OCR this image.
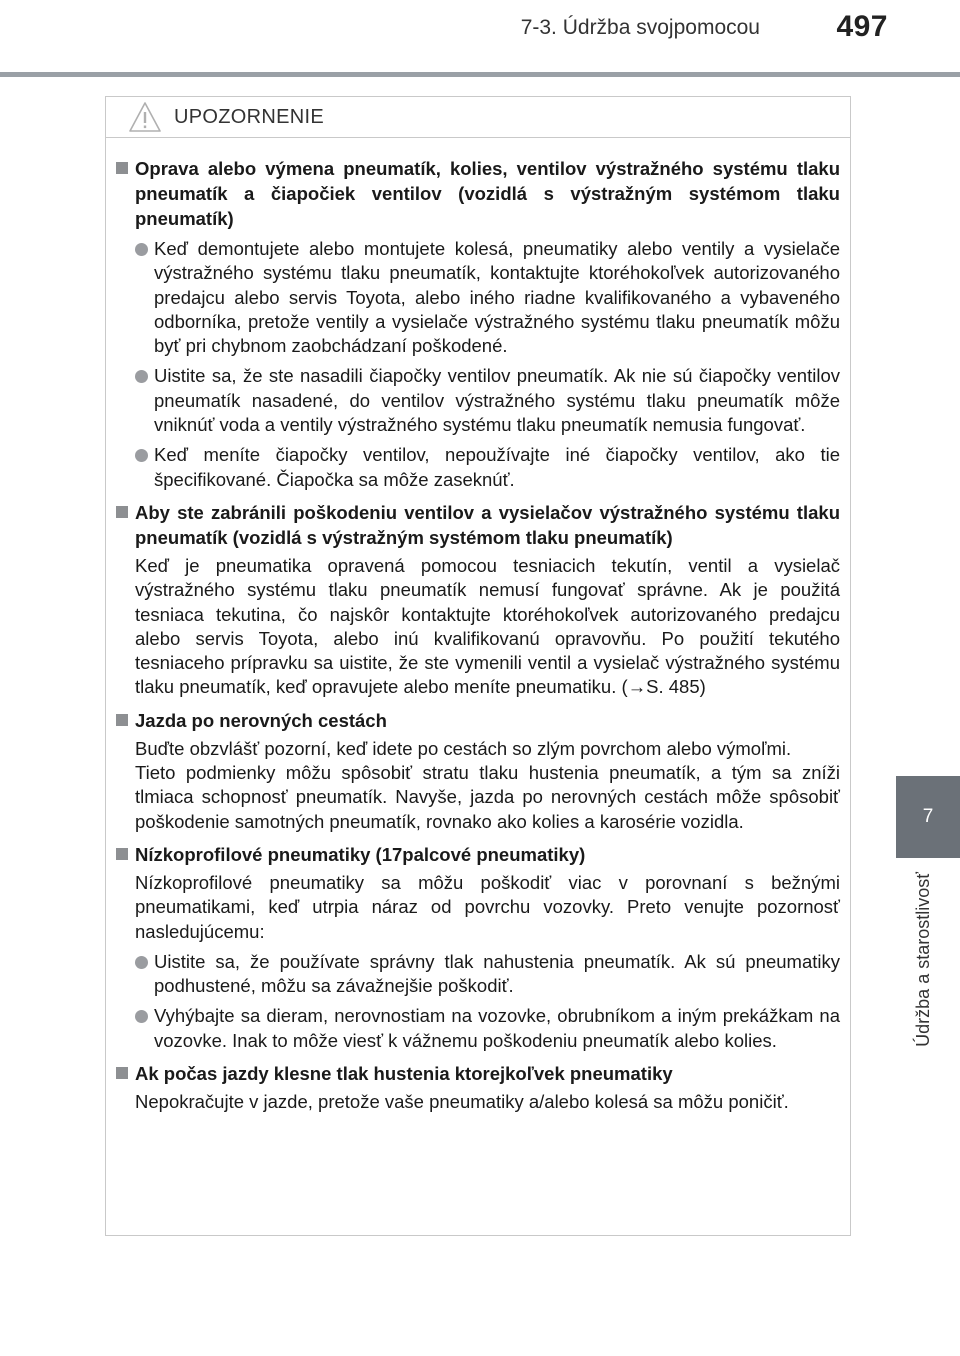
7-3. Údržba svojpomocou	497
7
Údržba a starostlivosť
UPOZORNENIE
Oprava alebo výmena pneumatík, kolies, ventilov výstražného systému tlaku pneumatík a čiapočiek ventilov (vozidlá s výstražným systémom tlaku pneumatík)
Keď demontujete alebo montujete kolesá, pneumatiky alebo ventily a vysielače výstražného systému tlaku pneumatík, kontaktujte ktoréhokoľvek autorizovaného predajcu alebo servis Toyota, alebo iného riadne kvalifikovaného a vybaveného odborníka, pretože ventily a vysielače výstražného systému tlaku pneumatík môžu byť pri chybnom zaobchádzaní poškodené.
Uistite sa, že ste nasadili čiapočky ventilov pneumatík. Ak nie sú čiapočky ventilov pneumatík nasadené, do ventilov výstražného systému tlaku pneumatík môže vniknúť voda a ventily výstražného systému tlaku pneumatík nemusia fungovať.
Keď meníte čiapočky ventilov, nepoužívajte iné čiapočky ventilov, ako tie špecifikované. Čiapočka sa môže zaseknúť.
Aby ste zabránili poškodeniu ventilov a vysielačov výstražného systému tlaku pneumatík (vozidlá s výstražným systémom tlaku pneumatík)
Keď je pneumatika opravená pomocou tesniacich tekutín, ventil a vysielač výstražného systému tlaku pneumatík nemusí fungovať správne. Ak je použitá tesniaca tekutina, čo najskôr kontaktujte ktoréhokoľvek autorizovaného predajcu alebo servis Toyota, alebo inú kvalifikovanú opravovňu. Po použití tekutého tesniaceho prípravku sa uistite, že ste vymenili ventil a vysielač výstražného systému tlaku pneumatík, keď opravujete alebo meníte pneumatiku. (→S. 485)
Jazda po nerovných cestách
Buďte obzvlášť pozorní, keď idete po cestách so zlým povrchom alebo výmoľmi.
Tieto podmienky môžu spôsobiť stratu tlaku hustenia pneumatík, a tým sa zníži tlmiaca schopnosť pneumatík. Navyše, jazda po nerovných cestách môže spôsobiť poškodenie samotných pneumatík, rovnako ako kolies a karosérie vozidla.
Nízkoprofilové pneumatiky (17palcové pneumatiky)
Nízkoprofilové pneumatiky sa môžu poškodiť viac v porovnaní s bežnými pneumatikami, keď utrpia náraz od povrchu vozovky. Preto venujte pozornosť nasledujúcemu:
Uistite sa, že používate správny tlak nahustenia pneumatík. Ak sú pneumatiky podhustené, môžu sa závažnejšie poškodiť.
Vyhýbajte sa dieram, nerovnostiam na vozovke, obrubníkom a iným prekážkam na vozovke. Inak to môže viesť k vážnemu poškodeniu pneumatík alebo kolies.
Ak počas jazdy klesne tlak hustenia ktorejkoľvek pneumatiky
Nepokračujte v jazde, pretože vaše pneumatiky a/alebo kolesá sa môžu poničiť.
